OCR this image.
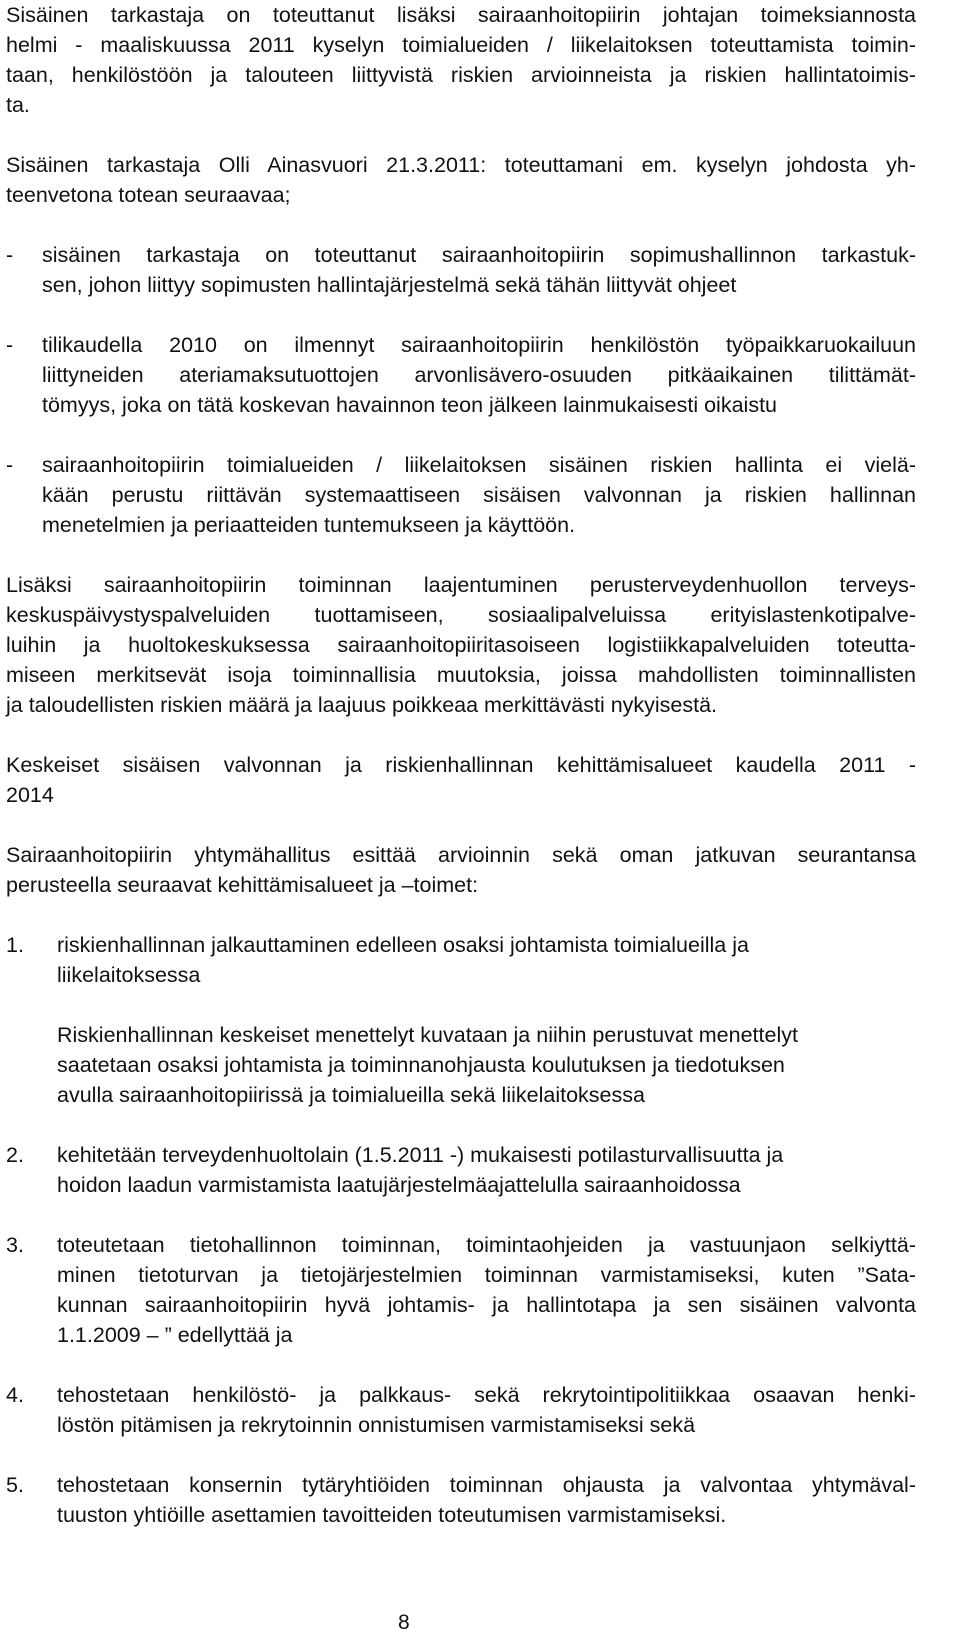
Sisäinen tarkastaja on toteuttanut lisäksi sairaanhoitopiirin johtajan toimeksiannosta
helmi - maaliskuussa 2011 kyselyn toimialueiden / liikelaitoksen toteuttamista toimin-
taan, henkilöstöön ja talouteen liittyvistä riskien arvioinneista ja riskien hallintatoimis-
ta.

Sisäinen tarkastaja Olli Ainasvuori 21.3.2011: toteuttamani em. kyselyn johdosta yh-
teenvetona totean seuraavaa;

- sisäinen tarkastaja on toteuttanut sairaanhoitopiirin sopimushallinnon tarkastuk-
sen, johon liittyy sopimusten hallintajärjestelmä sekä tähän liittyvät ohjeet
- tilikaudella 2010 on ilmennyt sairaanhoitopiirin henkilöstön työpaikkaruokailuun
liittyneiden ateriamaksutuottojen arvonlisävero-osuuden pitkäaikainen tilittämät-
tömyys, joka on tätä koskevan havainnon teon jälkeen lainmukaisesti oikaistu
- sairaanhoitopiirin toimialueiden / liikelaitoksen sisäinen riskien hallinta ei vielä-
kään perustu riittävän systemaattiseen sisäisen valvonnan ja riskien hallinnan
menetelmien ja periaatteiden tuntemukseen ja käyttöön.

Lisäksi sairaanhoitopiirin toiminnan laajentuminen perusterveydenhuollon terveys-
keskuspäivystyspalveluiden tuottamiseen, sosiaalipalveluissa erityislastenkotipalve-
luihin ja huoltokeskuksessa sairaanhoitopiiritasoiseen logistiikkapalveluiden toteutta-
miseen merkitsevät isoja toiminnallisia muutoksia, joissa mahdollisten toiminnallisten
ja taloudellisten riskien määrä ja laajuus poikkeaa merkittävästi nykyisestä.

Keskeiset sisäisen valvonnan ja riskienhallinnan kehittämisalueet kaudella 2011 -
2014

Sairaanhoitopiirin yhtymähallitus esittää arvioinnin sekä oman jatkuvan seurantansa
perusteella seuraavat kehittämisalueet ja –toimet:

1. riskienhallinnan jalkauttaminen edelleen osaksi johtamista toimialueilla ja
liikelaitoksessa
Riskienhallinnan keskeiset menettelyt kuvataan ja niihin perustuvat menettelyt
saatetaan osaksi johtamista ja toiminnanohjausta koulutuksen ja tiedotuksen
avulla sairaanhoitopiirissä ja toimialueilla sekä liikelaitoksessa
2. kehitetään terveydenhuoltolain (1.5.2011 -) mukaisesti potilasturvallisuutta ja
hoidon laadun varmistamista laatujärjestelmäajattelulla sairaanhoidossa
3. toteutetaan tietohallinnon toiminnan, toimintaohjeiden ja vastuunjaon selkiyttä-
minen tietoturvan ja tietojärjestelmien toiminnan varmistamiseksi, kuten ”Sata-
kunnan sairaanhoitopiirin hyvä johtamis- ja hallintotapa ja sen sisäinen valvonta
1.1.2009 – ” edellyttää ja
4. tehostetaan henkilöstö- ja palkkaus- sekä rekrytointipolitiikkaa osaavan henki-
löstön pitämisen ja rekrytoinnin onnistumisen varmistamiseksi sekä
5. tehostetaan konsernin tytäryhtiöiden toiminnan ohjausta ja valvontaa yhtymäval-
tuuston yhtiöille asettamien tavoitteiden toteutumisen varmistamiseksi.
8
